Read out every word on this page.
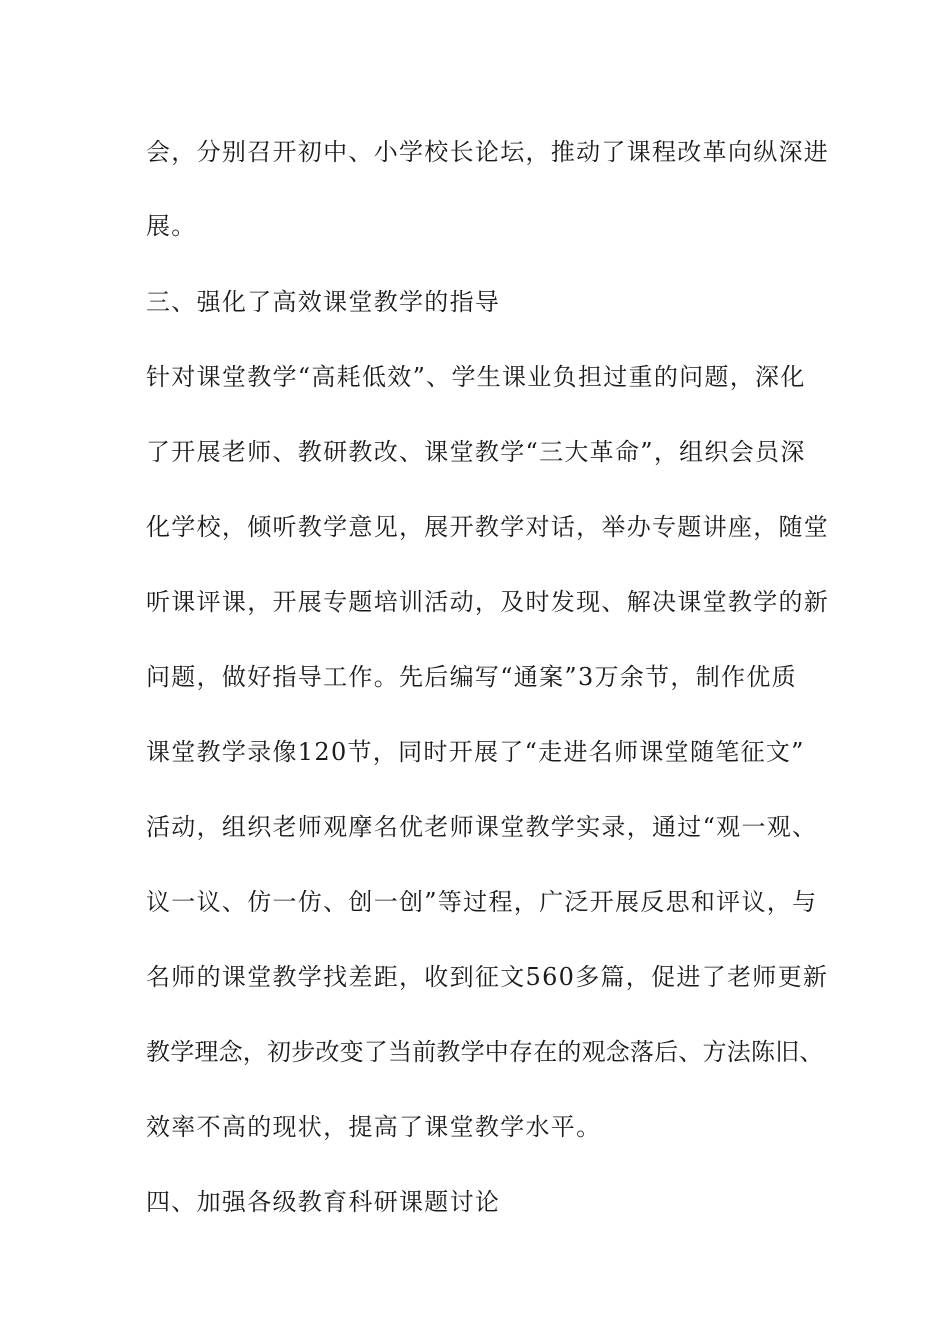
会，分别召开初中、小学校长论坛，推动了课程改革向纵深进
展。
三、强化了高效课堂教学的指导
针对课堂教学“高耗低效”、学生课业负担过重的问题，深化
了开展老师、教研教改、课堂教学“三大革命”，组织会员深
化学校，倾听教学意见，展开教学对话，举办专题讲座，随堂
听课评课，开展专题培训活动，及时发现、解决课堂教学的新
问题，做好指导工作。先后编写“通案”3万余节，制作优质
课堂教学录像120节，同时开展了“走进名师课堂随笔征文”
活动，组织老师观摩名优老师课堂教学实录，通过“观一观、
议一议、仿一仿、创一创”等过程，广泛开展反思和评议，与
名师的课堂教学找差距，收到征文560多篇，促进了老师更新
教学理念，初步改变了当前教学中存在的观念落后、方法陈旧、
效率不高的现状，提高了课堂教学水平。
四、加强各级教育科研课题讨论
